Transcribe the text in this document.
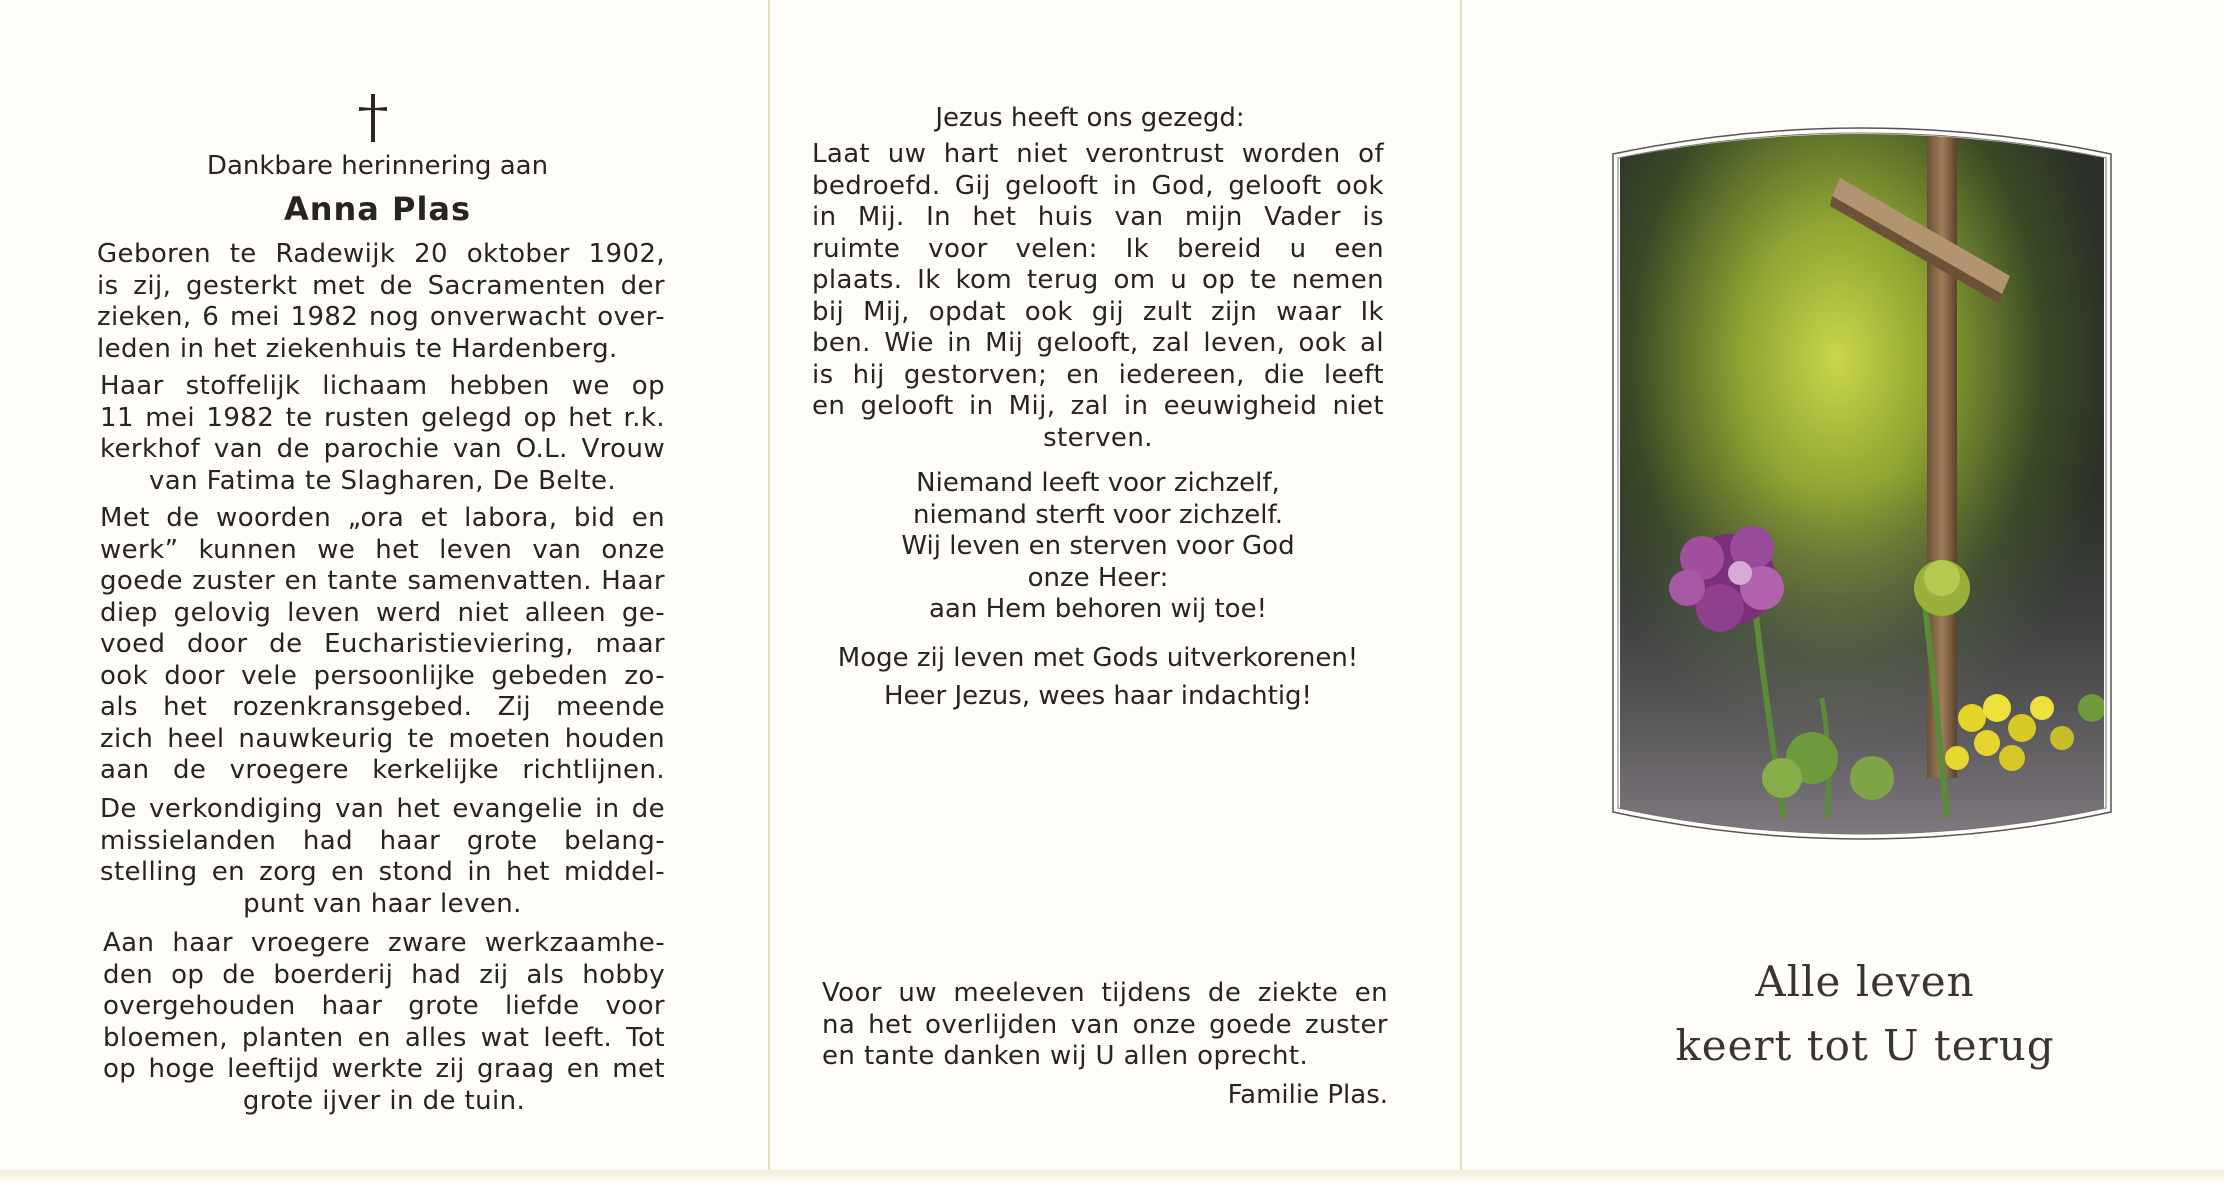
Dankbare herinnering aan
Anna Plas
Geboren te Radewijk 20 oktober 1902,
is zij, gesterkt met de Sacramenten der
zieken, 6 mei 1982 nog onverwacht over-
leden in het ziekenhuis te Hardenberg.
Haar stoffelijk lichaam hebben we op
11 mei 1982 te rusten gelegd op het r.k.
kerkhof van de parochie van O.L. Vrouw
van Fatima te Slagharen, De Belte.
Met de woorden „ora et labora, bid en
werk” kunnen we het leven van onze
goede zuster en tante samenvatten. Haar
diep gelovig leven werd niet alleen ge-
voed door de Eucharistieviering, maar
ook door vele persoonlijke gebeden zo-
als het rozenkransgebed. Zij meende
zich heel nauwkeurig te moeten houden
aan de vroegere kerkelijke richtlijnen.
De verkondiging van het evangelie in de
missielanden had haar grote belang-
stelling en zorg en stond in het middel-
punt van haar leven.
Aan haar vroegere zware werkzaamhe-
den op de boerderij had zij als hobby
overgehouden haar grote liefde voor
bloemen, planten en alles wat leeft. Tot
op hoge leeftijd werkte zij graag en met
grote ijver in de tuin.
Jezus heeft ons gezegd:
Laat uw hart niet verontrust worden of
bedroefd. Gij gelooft in God, gelooft ook
in Mij. In het huis van mijn Vader is
ruimte voor velen: Ik bereid u een
plaats. Ik kom terug om u op te nemen
bij Mij, opdat ook gij zult zijn waar Ik
ben. Wie in Mij gelooft, zal leven, ook al
is hij gestorven; en iedereen, die leeft
en gelooft in Mij, zal in eeuwigheid niet
sterven.
Niemand leeft voor zichzelf,
niemand sterft voor zichzelf.
Wij leven en sterven voor God
onze Heer:
aan Hem behoren wij toe!
Moge zij leven met Gods uitverkorenen!
Heer Jezus, wees haar indachtig!
Voor uw meeleven tijdens de ziekte en
na het overlijden van onze goede zuster
en tante danken wij U allen oprecht.
Familie Plas.
Alle leven
keert tot U terug
